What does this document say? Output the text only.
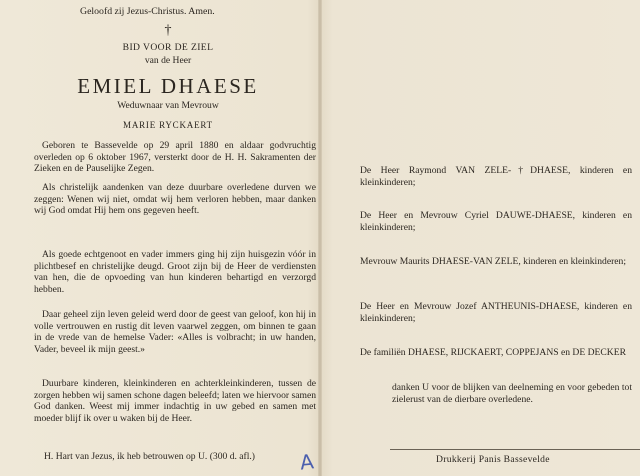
Geloofd zij Jezus-Christus. Amen.
†
BID VOOR DE ZIEL
van de Heer
EMIEL DHAESE
Weduwnaar van Mevrouw
MARIE RYCKAERT
Geboren te Bassevelde op 29 april 1880 en aldaar godvruchtig overleden op 6 oktober 1967, versterkt door de H. H. Sakramenten der Zieken en de Pauselijke Zegen.
Als christelijk aandenken van deze duurbare overledene durven we zeggen: Wenen wij niet, omdat wij hem verloren hebben, maar danken wij God omdat Hij hem ons gegeven heeft.
Als goede echtgenoot en vader immers ging hij zijn huisgezin vóór in plichtbesef en christelijke deugd. Groot zijn bij de Heer de verdiensten van hen, die de opvoeding van hun kinderen behartigd en verzorgd hebben.
Daar geheel zijn leven geleid werd door de geest van geloof, kon hij in volle vertrouwen en rustig dit leven vaarwel zeggen, om binnen te gaan in de vrede van de hemelse Vader: «Alles is volbracht; in uw handen, Vader, beveel ik mijn geest.»
Duurbare kinderen, kleinkinderen en achterkleinkinderen, tussen de zorgen hebben wij samen schone dagen beleefd; laten we hiervoor samen God danken. Weest mij immer indachtig in uw gebed en samen met moeder blijf ik over u waken bij de Heer.
H. Hart van Jezus, ik heb betrouwen op U. (300 d. afl.) A
De Heer Raymond VAN ZELE-†DHAESE, kinderen en kleinkinderen;
De Heer en Mevrouw Cyriel DAUWE-DHAESE, kinderen en kleinkinderen;
Mevrouw Maurits DHAESE-VAN ZELE, kinderen en kleinkinderen;
De Heer en Mevrouw Jozef ANTHEUNIS-DHAESE, kinderen en kleinkinderen;
De familiën DHAESE, RIJCKAERT, COPPEJANS en DE DECKER
danken U voor de blijken van deelneming en voor gebeden tot zielerust van de dierbare overledene.
Drukkerij Panis Bassevelde
